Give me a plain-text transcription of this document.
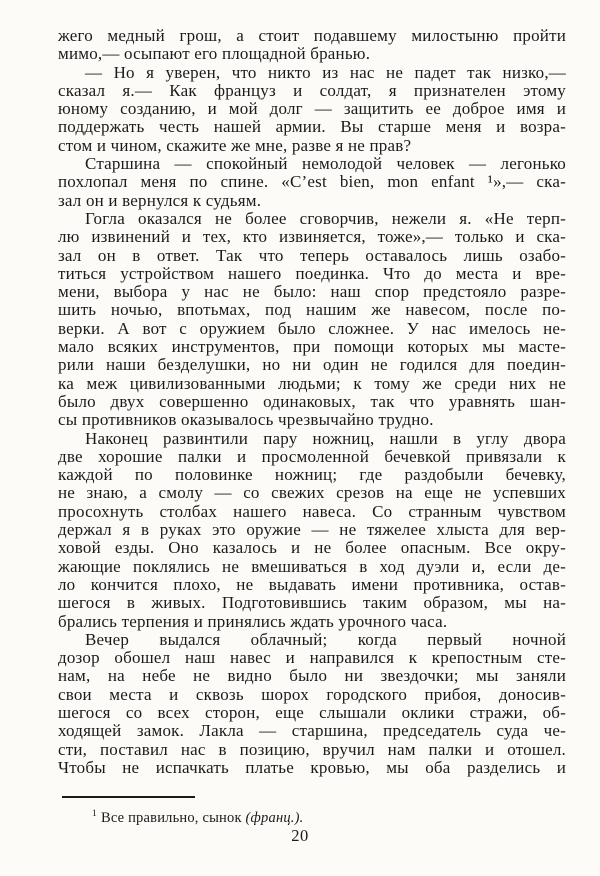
жего медный грош, а стоит подавшему милостыню пройти
мимо,— осыпают его площадной бранью.
— Но я уверен, что никто из нас не падет так низко,—
сказал я.— Как француз и солдат, я признателен этому
юному созданию, и мой долг — защитить ее доброе имя и
поддержать честь нашей армии. Вы старше меня и возра-
стом и чином, скажите же мне, разве я не прав?
Старшина — спокойный немолодой человек — легонько
похлопал меня по спине. «C’est bien, mon enfant ¹»,— ска-
зал он и вернулся к судьям.
Гогла оказался не более сговорчив, нежели я. «Не терп-
лю извинений и тех, кто извиняется, тоже»,— только и ска-
зал он в ответ. Так что теперь оставалось лишь озабо-
титься устройством нашего поединка. Что до места и вре-
мени, выбора у нас не было: наш спор предстояло разре-
шить ночью, впотьмах, под нашим же навесом, после по-
верки. А вот с оружием было сложнее. У нас имелось не-
мало всяких инструментов, при помощи которых мы масте-
рили наши безделушки, но ни один не годился для поедин-
ка меж цивилизованными людьми; к тому же среди них не
было двух совершенно одинаковых, так что уравнять шан-
сы противников оказывалось чрезвычайно трудно.
Наконец развинтили пару ножниц, нашли в углу двора
две хорошие палки и просмоленной бечевкой привязали к
каждой по половинке ножниц; где раздобыли бечевку,
не знаю, а смолу — со свежих срезов на еще не успевших
просохнуть столбах нашего навеса. Со странным чувством
держал я в руках это оружие — не тяжелее хлыста для вер-
ховой езды. Оно казалось и не более опасным. Все окру-
жающие поклялись не вмешиваться в ход дуэли и, если де-
ло кончится плохо, не выдавать имени противника, остав-
шегося в живых. Подготовившись таким образом, мы на-
брались терпения и принялись ждать урочного часа.
Вечер выдался облачный; когда первый ночной
дозор обошел наш навес и направился к крепостным сте-
нам, на небе не видно было ни звездочки; мы заняли
свои места и сквозь шорох городского прибоя, доносив-
шегося со всех сторон, еще слышали оклики стражи, об-
ходящей замок. Лакла — старшина, председатель суда че-
сти, поставил нас в позицию, вручил нам палки и отошел.
Чтобы не испачкать платье кровью, мы оба разделись и
$^1$ Все правильно, сынок (франц.).
20
